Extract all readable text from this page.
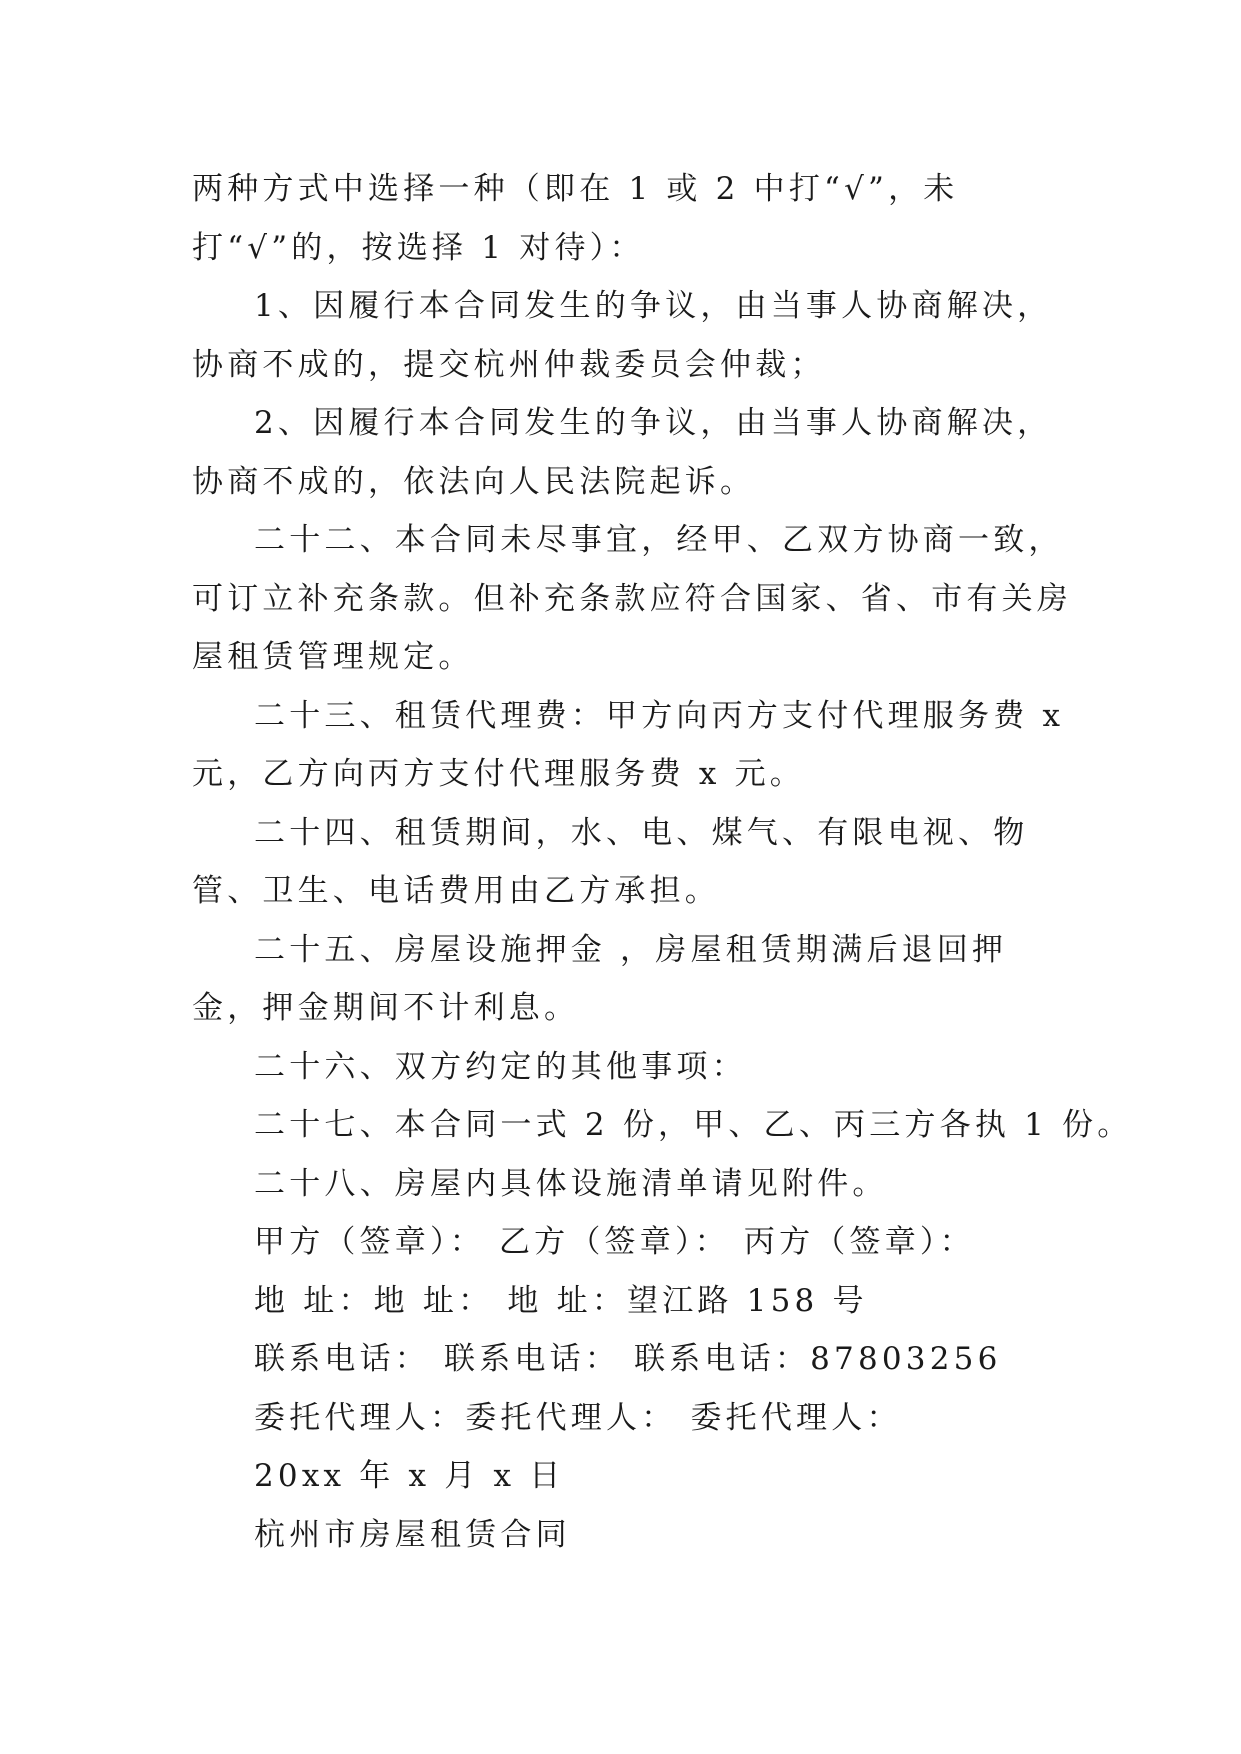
两种方式中选择一种（即在 1 或 2 中打“√”，未打“√”的，按选择 1 对待）：

1、因履行本合同发生的争议，由当事人协商解决，协商不成的，提交杭州仲裁委员会仲裁；

2、因履行本合同发生的争议，由当事人协商解决，协商不成的，依法向人民法院起诉。

二十二、本合同未尽事宜，经甲、乙双方协商一致，可订立补充条款。但补充条款应符合国家、省、市有关房屋租赁管理规定。

二十三、租赁代理费：甲方向丙方支付代理服务费 x 元，乙方向丙方支付代理服务费 x 元。

二十四、租赁期间，水、电、煤气、有限电视、物管、卫生、电话费用由乙方承担。

二十五、房屋设施押金 ，房屋租赁期满后退回押金，押金期间不计利息。

二十六、双方约定的其他事项：

二十七、本合同一式 2 份，甲、乙、丙三方各执 1 份。

二十八、房屋内具体设施清单请见附件。

甲方（签章）： 乙方（签章）： 丙方（签章）：

地 址：地 址： 地 址：望江路 158 号

联系电话： 联系电话： 联系电话：87803256

委托代理人：委托代理人： 委托代理人：

20xx 年 x 月 x 日

杭州市房屋租赁合同
